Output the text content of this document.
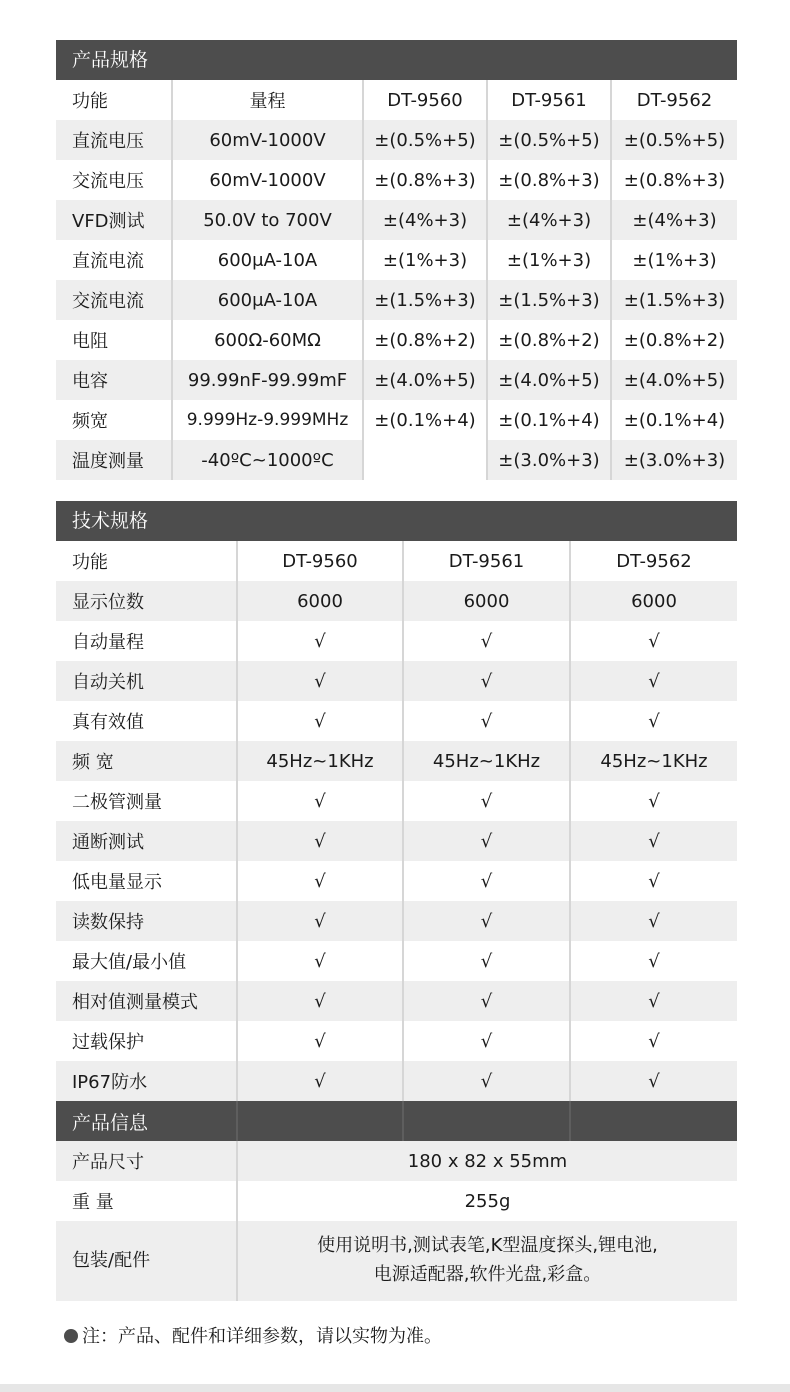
产品规格
功能	量程	DT-9560	DT-9561	DT-9562
直流电压	60mV-1000V	±(0.5%+5)	±(0.5%+5)	±(0.5%+5)
交流电压	60mV-1000V	±(0.8%+3)	±(0.8%+3)	±(0.8%+3)
VFD测试	50.0V to 700V	±(4%+3)	±(4%+3)	±(4%+3)
直流电流	600μA-10A	±(1%+3)	±(1%+3)	±(1%+3)
交流电流	600μA-10A	±(1.5%+3)	±(1.5%+3)	±(1.5%+3)
电阻	600Ω-60MΩ	±(0.8%+2)	±(0.8%+2)	±(0.8%+2)
电容	99.99nF-99.99mF	±(4.0%+5)	±(4.0%+5)	±(4.0%+5)
频宽	9.999Hz-9.999MHz	±(0.1%+4)	±(0.1%+4)	±(0.1%+4)
温度测量	-40ºC~1000ºC		±(3.0%+3)	±(3.0%+3)
技术规格
功能	DT-9560	DT-9561	DT-9562
显示位数	6000	6000	6000
自动量程	√	√	√
自动关机	√	√	√
真有效值	√	√	√
频 宽	45Hz~1KHz	45Hz~1KHz	45Hz~1KHz
二极管测量	√	√	√
通断测试	√	√	√
低电量显示	√	√	√
读数保持	√	√	√
最大值/最小值	√	√	√
相对值测量模式	√	√	√
过载保护	√	√	√
IP67防水	√	√	√
产品信息			
产品尺寸	180 x 82 x 55mm		
重 量	255g		
包装/配件	使用说明书,测试表笔,K型温度探头,锂电池,
电源适配器,软件光盘,彩盒。		
注：产品、配件和详细参数，请以实物为准。
